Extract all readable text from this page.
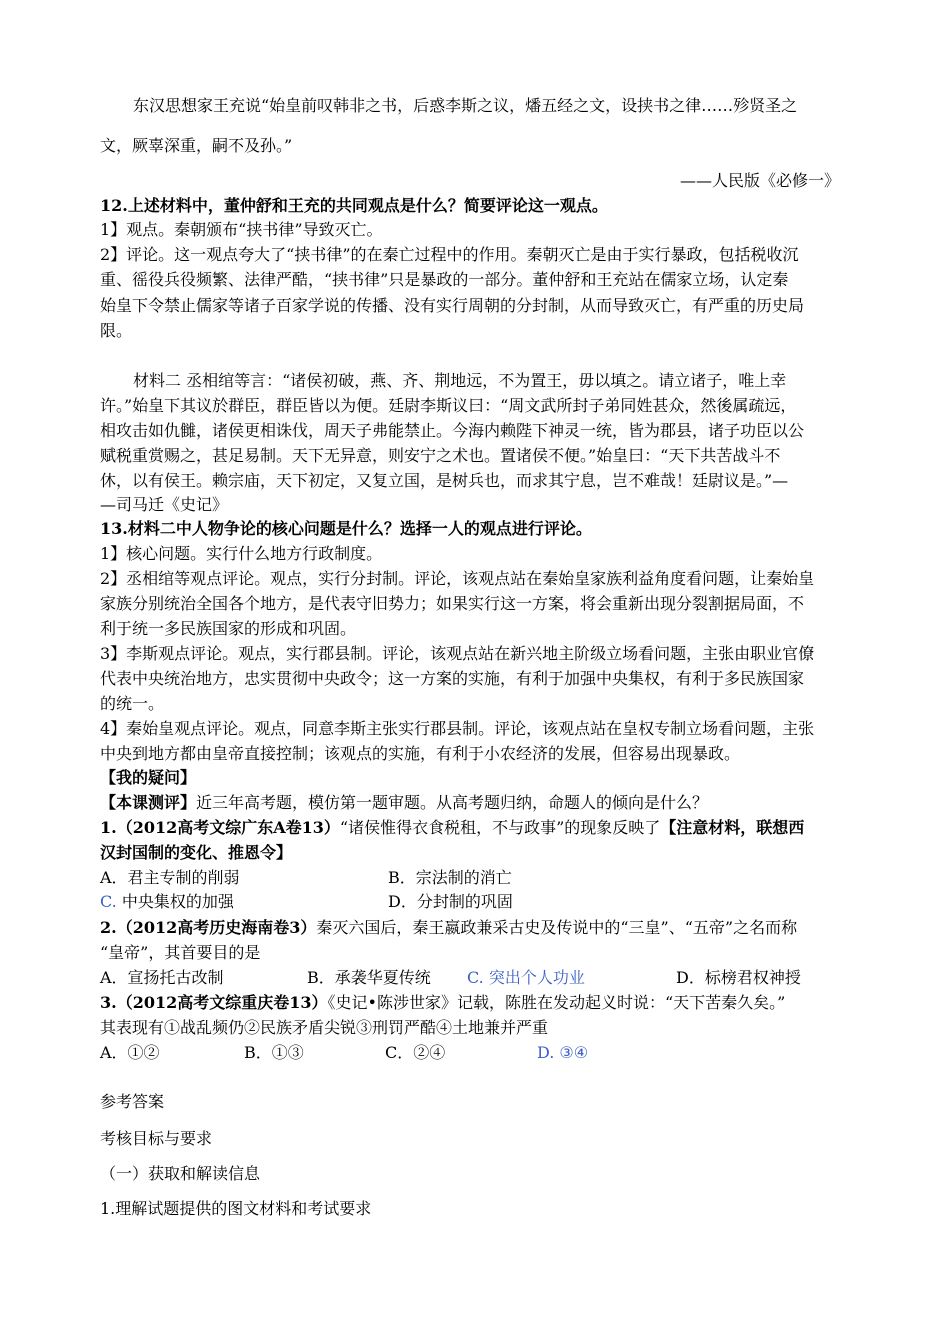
东汉思想家王充说“始皇前叹韩非之书，后惑李斯之议，燔五经之文，设挟书之律……殄贤圣之
文，厥辜深重，嗣不及孙。”
——人民版《必修一》
12.上述材料中，董仲舒和王充的共同观点是什么？简要评论这一观点。
1】观点。秦朝颁布“挟书律”导致灭亡。
2】评论。这一观点夸大了“挟书律”的在秦亡过程中的作用。秦朝灭亡是由于实行暴政，包括税收沉
重、徭役兵役频繁、法律严酷，“挟书律”只是暴政的一部分。董仲舒和王充站在儒家立场，认定秦
始皇下令禁止儒家等诸子百家学说的传播、没有实行周朝的分封制，从而导致灭亡，有严重的历史局
限。
材料二 丞相绾等言：“诸侯初破，燕、齐、荆地远，不为置王，毋以填之。请立诸子，唯上幸
许。”始皇下其议於群臣，群臣皆以为便。廷尉李斯议曰：“周文武所封子弟同姓甚众，然後属疏远，
相攻击如仇雠，诸侯更相诛伐，周天子弗能禁止。今海内赖陛下神灵一统，皆为郡县，诸子功臣以公
赋税重赏赐之，甚足易制。天下无异意，则安宁之术也。置诸侯不便。”始皇曰：“天下共苦战斗不
休，以有侯王。赖宗庙，天下初定，又复立国，是树兵也，而求其宁息，岂不难哉！廷尉议是。”—
—司马迁《史记》
13.材料二中人物争论的核心问题是什么？选择一人的观点进行评论。
1】核心问题。实行什么地方行政制度。
2】丞相绾等观点评论。观点，实行分封制。评论，该观点站在秦始皇家族利益角度看问题，让秦始皇
家族分别统治全国各个地方，是代表守旧势力；如果实行这一方案，将会重新出现分裂割据局面，不
利于统一多民族国家的形成和巩固。
3】李斯观点评论。观点，实行郡县制。评论，该观点站在新兴地主阶级立场看问题，主张由职业官僚
代表中央统治地方，忠实贯彻中央政令；这一方案的实施，有利于加强中央集权，有利于多民族国家
的统一。
4】秦始皇观点评论。观点，同意李斯主张实行郡县制。评论，该观点站在皇权专制立场看问题，主张
中央到地方都由皇帝直接控制；该观点的实施，有利于小农经济的发展，但容易出现暴政。
【我的疑问】
【本课测评】近三年高考题，模仿第一题审题。从高考题归纳，命题人的倾向是什么？
1.（2012高考文综广东A卷13）“诸侯惟得衣食税租，不与政事”的现象反映了【注意材料，联想西
汉封国制的变化、推恩令】
A．君主专制的削弱	B．宗法制的消亡
C. 中央集权的加强	D．分封制的巩固
2.（2012高考历史海南卷3）秦灭六国后，秦王嬴政兼采古史及传说中的“三皇”、“五帝”之名而称
“皇帝”，其首要目的是
A．宣扬托古改制	B．承袭华夏传统 C. 突出个人功业	D．标榜君权神授
3.（2012高考文综重庆卷13）《史记•陈涉世家》记载，陈胜在发动起义时说：“天下苦秦久矣。”
其表现有①战乱频仍②民族矛盾尖锐③刑罚严酷④土地兼并严重
A．①②	B．①③	C．②④	D. ③④
参考答案
考核目标与要求
（一）获取和解读信息
1.理解试题提供的图文材料和考试要求
